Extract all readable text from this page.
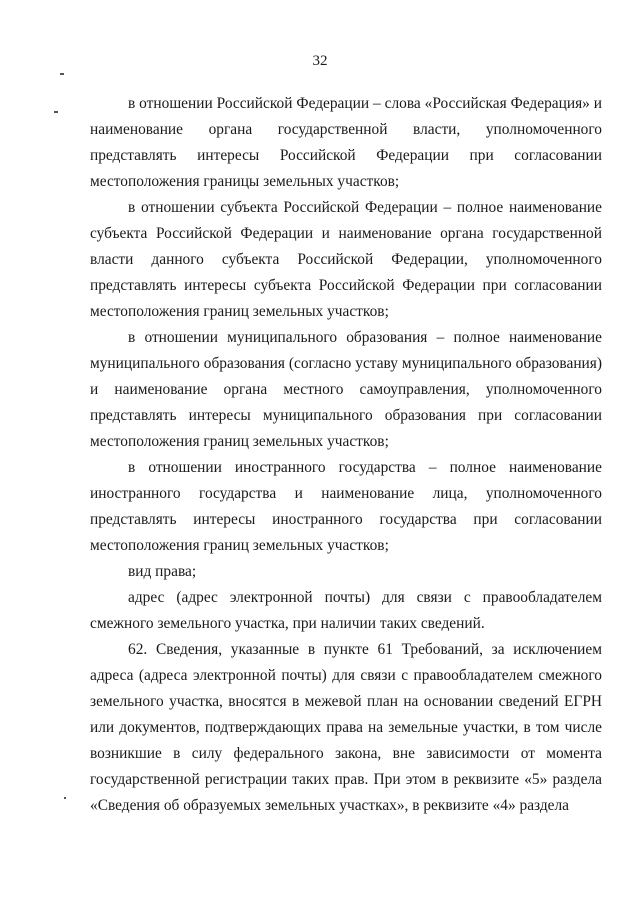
32

в отношении Российской Федерации – слова «Российская Федерация» и наименование органа государственной власти, уполномоченного представлять интересы Российской Федерации при согласовании местоположения границы земельных участков;

в отношении субъекта Российской Федерации – полное наименование субъекта Российской Федерации и наименование органа государственной власти данного субъекта Российской Федерации, уполномоченного представлять интересы субъекта Российской Федерации при согласовании местоположения границ земельных участков;

в отношении муниципального образования – полное наименование муниципального образования (согласно уставу муниципального образования) и наименование органа местного самоуправления, уполномоченного представлять интересы муниципального образования при согласовании местоположения границ земельных участков;

в отношении иностранного государства – полное наименование иностранного государства и наименование лица, уполномоченного представлять интересы иностранного государства при согласовании местоположения границ земельных участков;

вид права;

адрес (адрес электронной почты) для связи с правообладателем смежного земельного участка, при наличии таких сведений.

62. Сведения, указанные в пункте 61 Требований, за исключением адреса (адреса электронной почты) для связи с правообладателем смежного земельного участка, вносятся в межевой план на основании сведений ЕГРН или документов, подтверждающих права на земельные участки, в том числе возникшие в силу федерального закона, вне зависимости от момента государственной регистрации таких прав. При этом в реквизите «5» раздела «Сведения об образуемых земельных участках», в реквизите «4» раздела
